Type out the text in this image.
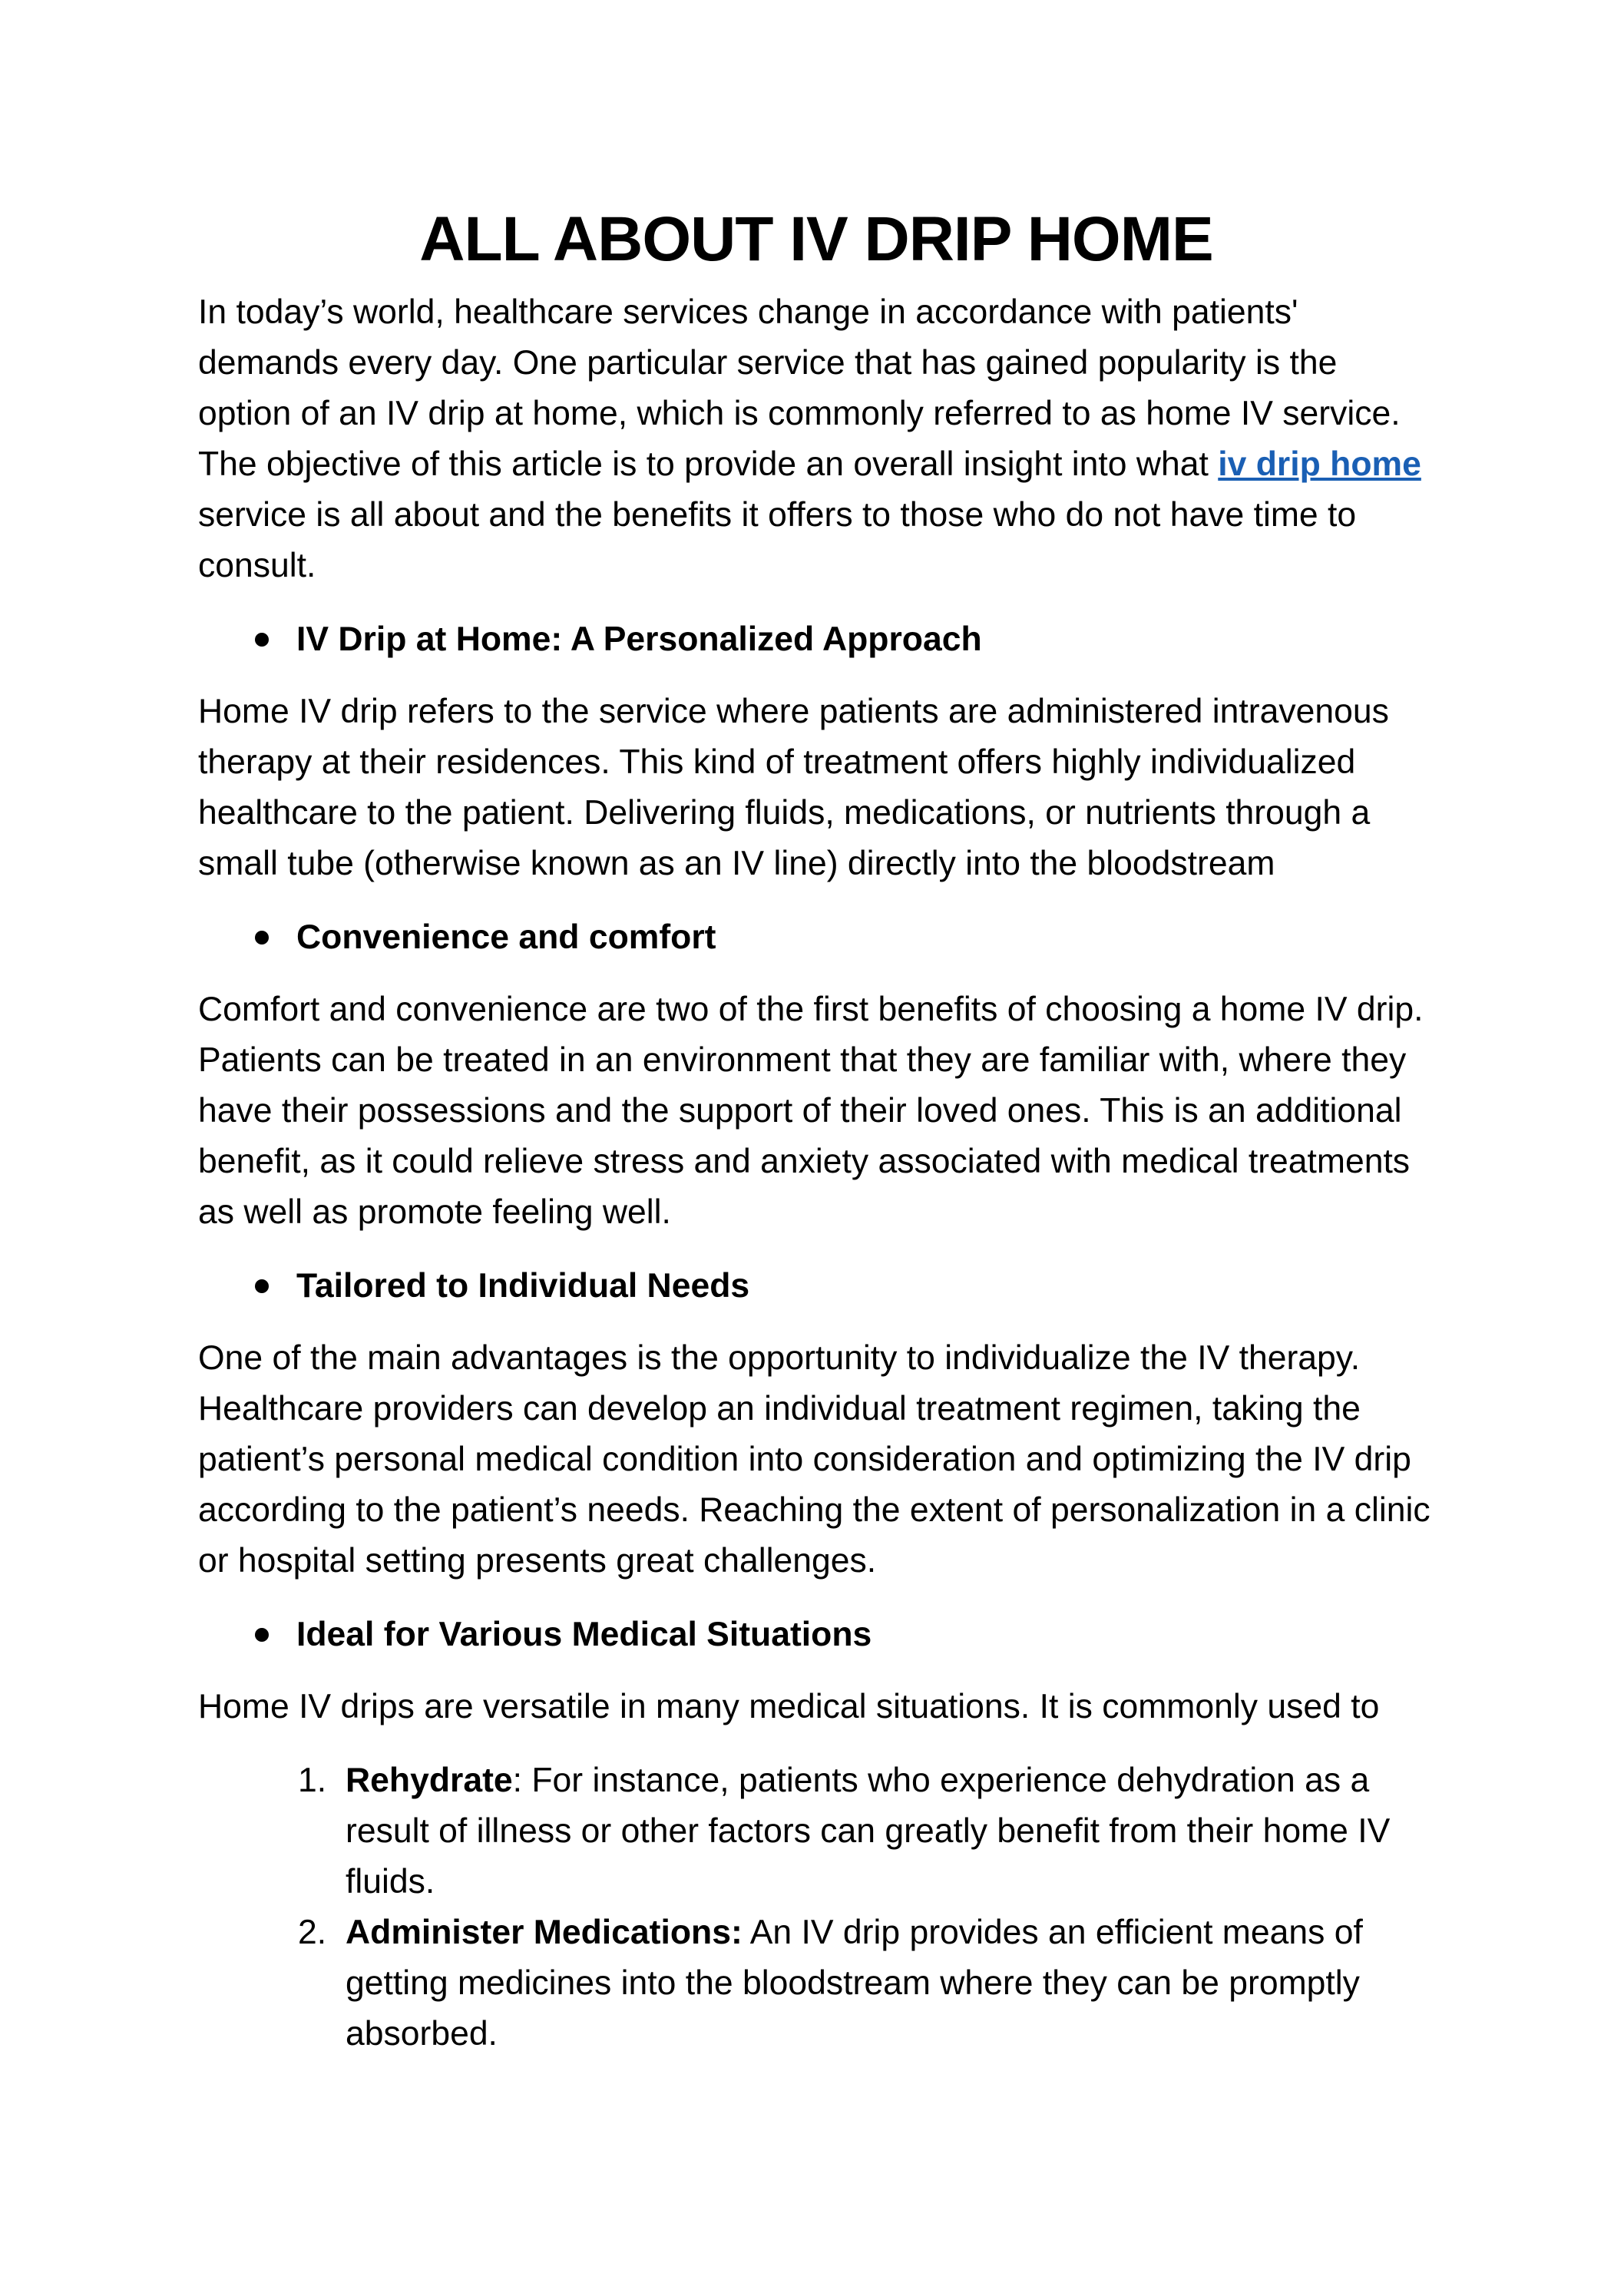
ALL ABOUT IV DRIP HOME

In today’s world, healthcare services change in accordance with patients' demands every day. One particular service that has gained popularity is the option of an IV drip at home, which is commonly referred to as home IV service. The objective of this article is to provide an overall insight into what iv drip home service is all about and the benefits it offers to those who do not have time to consult.

IV Drip at Home: A Personalized Approach

Home IV drip refers to the service where patients are administered intravenous therapy at their residences. This kind of treatment offers highly individualized healthcare to the patient. Delivering fluids, medications, or nutrients through a small tube (otherwise known as an IV line) directly into the bloodstream

Convenience and comfort

Comfort and convenience are two of the first benefits of choosing a home IV drip. Patients can be treated in an environment that they are familiar with, where they have their possessions and the support of their loved ones. This is an additional benefit, as it could relieve stress and anxiety associated with medical treatments as well as promote feeling well.

Tailored to Individual Needs

One of the main advantages is the opportunity to individualize the IV therapy. Healthcare providers can develop an individual treatment regimen, taking the patient’s personal medical condition into consideration and optimizing the IV drip according to the patient’s needs. Reaching the extent of personalization in a clinic or hospital setting presents great challenges.

Ideal for Various Medical Situations

Home IV drips are versatile in many medical situations. It is commonly used to

1. Rehydrate: For instance, patients who experience dehydration as a result of illness or other factors can greatly benefit from their home IV fluids.
2. Administer Medications: An IV drip provides an efficient means of getting medicines into the bloodstream where they can be promptly absorbed.
